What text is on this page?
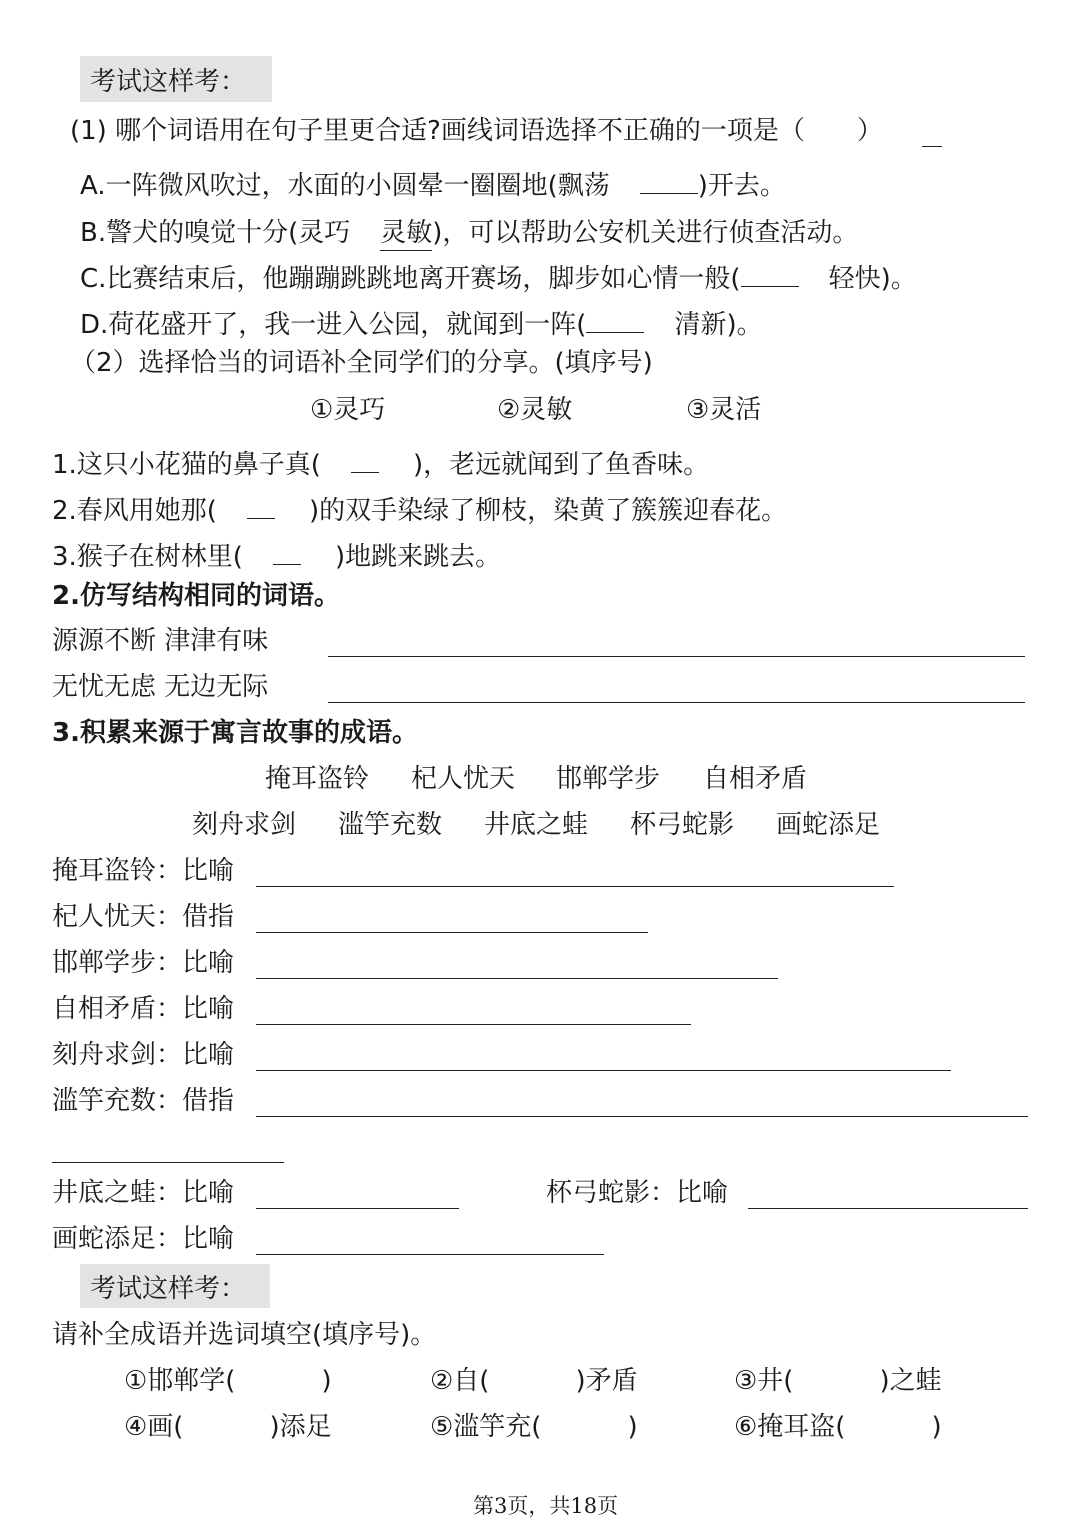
考试这样考：
(1) 哪个词语用在句子里更合适?画线词语选择不正确的一项是（　　）
A.一阵微风吹过，水面的小圆晕一圈圈地(飘荡	)开去。
B.警犬的嗅觉十分(灵巧 灵敏 )，可以帮助公安机关进行侦查活动。
C.比赛结束后，他蹦蹦跳跳地离开赛场，脚步如心情一般(	轻快)。
D.荷花盛开了，我一进入公园，就闻到一阵(	清新)。
（2）选择恰当的词语补全同学们的分享。(填序号)
①灵巧	②灵敏	③灵活
1.这只小花猫的鼻子真(	)，老远就闻到了鱼香味。
2.春风用她那(	)的双手染绿了柳枝，染黄了簇簇迎春花。
3.猴子在树林里(	)地跳来跳去。
2.仿写结构相同的词语。
源源不断 津津有味
无忧无虑 无边无际
3.积累来源于寓言故事的成语。
掩耳盗铃 杞人忧天 邯郸学步 自相矛盾
刻舟求剑 滥竽充数 井底之蛙 杯弓蛇影 画蛇添足
掩耳盗铃：比喻
杞人忧天：借指
邯郸学步：比喻
自相矛盾：比喻
刻舟求剑：比喻
滥竽充数：借指
井底之蛙：比喻	杯弓蛇影：比喻
画蛇添足：比喻
考试这样考：
请补全成语并选词填空(填序号)。
①邯郸学(	)	②自(	)矛盾	③井(	)之蛙
④画(	)添足	⑤滥竽充(	)	⑥掩耳盗(	)
第3页，共18页
